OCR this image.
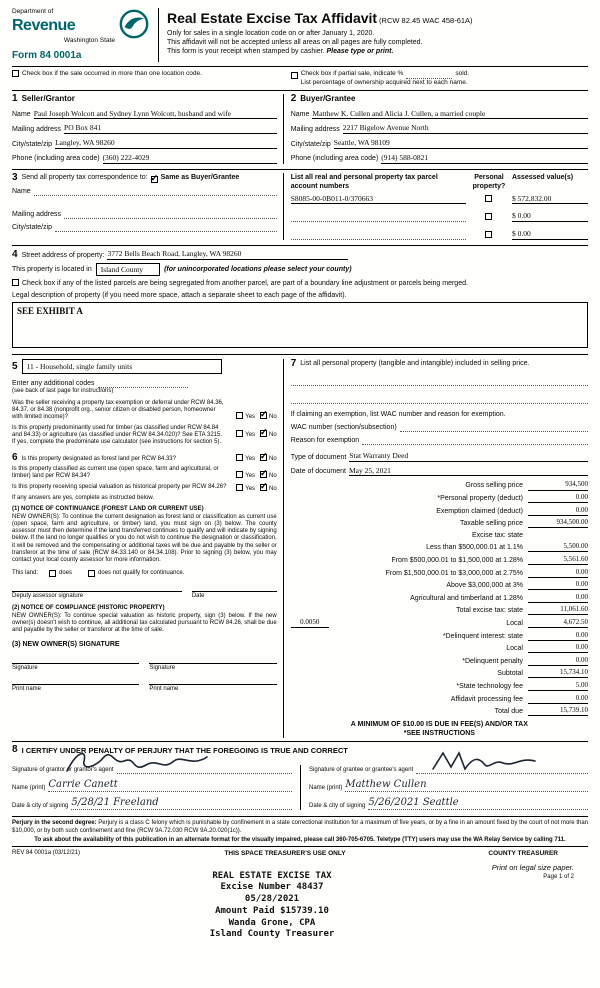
Department of
Revenue
Washington State
Form 84 0001a
Real Estate Excise Tax Affidavit (RCW 82.45 WAC 458-61A)
Only for sales in a single location code on or after January 1, 2020.
This affidavit will not be accepted unless all areas on all pages are fully completed.
This form is your receipt when stamped by cashier. Please type or print.
Check box if the sale occurred in more than one location code.	Check box if partial sale, indicate %	sold.
List percentage of ownership acquired next to each name.
1 Seller/Grantor
Name Paul Joseph Wolcott and Sydney Lynn Wolcott, husband and wife
Mailing address PO Box 841
City/state/zip Langley, WA 98260
Phone (including area code) (360) 222-4029
2 Buyer/Grantee
Name Matthew K. Cullen and Alicia J. Cullen, a married couple
Mailing address 2217 Bigelow Avenue North
City/state/zip Seattle, WA 98109
Phone (including area code) (914) 588-0821
3 Send all property tax correspondence to: ✓ Same as Buyer/Grantee
Name
Mailing address
City/state/zip
List all real and personal property tax parcel account numbers
Personal property?
Assessed value(s)
S8085-00-0B011-0/370663	$ 572,832.00
$ 0.00
$ 0.00
4 Street address of property: 3772 Bells Beach Road, Langley, WA 98260
This property is located in	Island County	(for unincorporated locations please select your county)
Check box if any of the listed parcels are being segregated from another parcel, are part of a boundary line adjustment or parcels being merged.
Legal description of property (if you need more space, attach a separate sheet to each page of the affidavit).
SEE EXHIBIT A
5	11 - Household, single family units
Enter any additional codes
(see back of last page for instructions)
Was the seller receiving a property tax exemption or deferral under RCW 84.36, 84.37, or 84.38 (nonprofit org., senior citizen or disabled person, homeowner with limited income)?	Yes ✓ No
Is this property predominantly used for timber (as classified under RCW 84.84 and 84.33) or agriculture (as classified under RCW 84.34.020)? See ETA 3215.	Yes ✓ No
If yes, complete the predominate use calculator (see instructions for section 5).
6 Is this property designated as forest land per RCW 84.33?	Yes ✓ No
Is this property classified as current use (open space, farm and agricultural, or timber) land per RCW 84.34?	Yes ✓ No
Is this property receiving special valuation as historical property per RCW 84.26?	Yes ✓ No
If any answers are yes, complete as instructed below.
(1) NOTICE OF CONTINUANCE (FOREST LAND OR CURRENT USE)
NEW OWNER(S): To continue the current designation as forest land or classification as current use (open space, farm and agriculture, or timber) land, you must sign on (3) below. The county assessor must then determine if the land transferred continues to qualify and will indicate by signing below. If the land no longer qualifies or you do not wish to continue the designation or classification, it will be removed and the compensating or additional taxes will be due and payable by the seller or transferor at the time of sale (RCW 84.33.140 or 84.34.108). Prior to signing (3) below, you may contact your local county assessor for more information.
This land:	does	does not qualify for continuance.
Deputy assessor signature	Date
(2) NOTICE OF COMPLIANCE (HISTORIC PROPERTY)
NEW OWNER(S): To continue special valuation as historic property, sign (3) below. If the new owner(s) doesn't wish to continue, all additional tax calculated pursuant to RCW 84.26, shall be due and payable by the seller or transferor at the time of sale.
(3) NEW OWNER(S) SIGNATURE
Signature	Signature
Print name	Print name
7 List all personal property (tangible and intangible) included in selling price.
If claiming an exemption, list WAC number and reason for exemption.
WAC number (section/subsection)
Reason for exemption
Type of document Stat Warranty Deed
Date of document May 25, 2021
Gross selling price	934,500
*Personal property (deduct)	0.00
Exemption claimed (deduct)	0.00
Taxable selling price	934,500.00
Excise tax: state
Less than $500,000.01 at 1.1%	5,500.00
From $500,000.01 to $1,500,000 at 1.28%	5,561.60
From $1,500,000.01 to $3,000,000 at 2.75%	0.00
Above $3,000,000 at 3%	0.00
Agricultural and timberland at 1.28%	0.00
Total excise tax: state	11,061.60
0.0050	Local	4,672.50
*Delinquent interest: state	0.00
Local	0.00
*Delinquent penalty	0.00
Subtotal	15,734.10
*State technology fee	5.00
Affidavit processing fee	0.00
Total due	15,739.10
A MINIMUM OF $10.00 IS DUE IN FEE(S) AND/OR TAX
*SEE INSTRUCTIONS
8 I CERTIFY UNDER PENALTY OF PERJURY THAT THE FOREGOING IS TRUE AND CORRECT
Signature of grantor or grantor's agent
Name (print) Carrie Canett
Date & city of signing 5/28/21 Freeland
Signature of grantee or grantee's agent
Name (print) Matthew Cullen
Date & city of signing 5/26/2021 Seattle
Perjury in the second degree: Perjury is a class C felony which is punishable by confinement in a state correctional institution for a maximum of five years, or by a fine in an amount fixed by the court of not more than $10,000, or by both such confinement and fine (RCW 9A.72.030 RCW 9A.20.020(1c)).
To ask about the availability of this publication in an alternate format for the visually impaired, please call 360-705-6705. Teletype (TTY) users may use the WA Relay Service by calling 711.
REV 84 0001a (03/12/21)	THIS SPACE TREASURER'S USE ONLY	COUNTY TREASURER
Print on legal size paper.
Page 1 of 2
REAL ESTATE EXCISE TAX
Excise Number 48437
05/28/2021
Amount Paid $15739.10
Wanda Grone, CPA
Island County Treasurer
